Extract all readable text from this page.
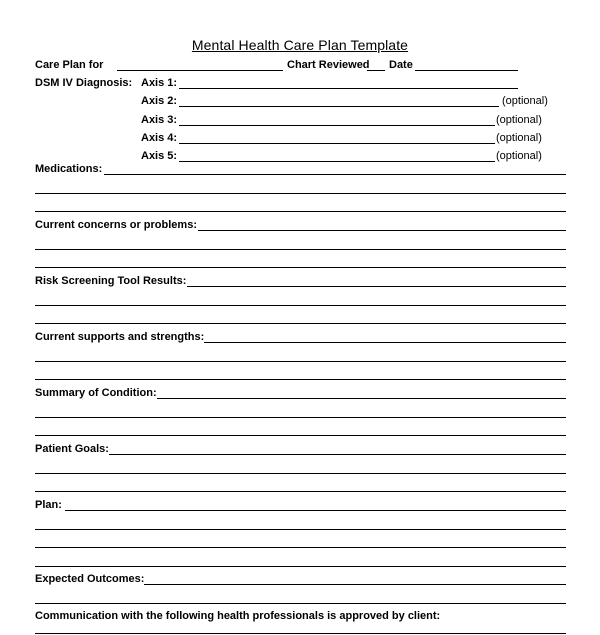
Mental Health Care Plan Template
Care Plan for	Chart Reviewed Date
DSM IV Diagnosis: Axis 1:
Axis 2:	(optional)
Axis 3:	(optional)
Axis 4:	(optional)
Axis 5:	(optional)
Medications:
Current concerns or problems:
Risk Screening Tool Results:
Current supports and strengths:
Summary of Condition:
Patient Goals:
Plan:
Expected Outcomes:
Communication with the following health professionals is approved by client:
